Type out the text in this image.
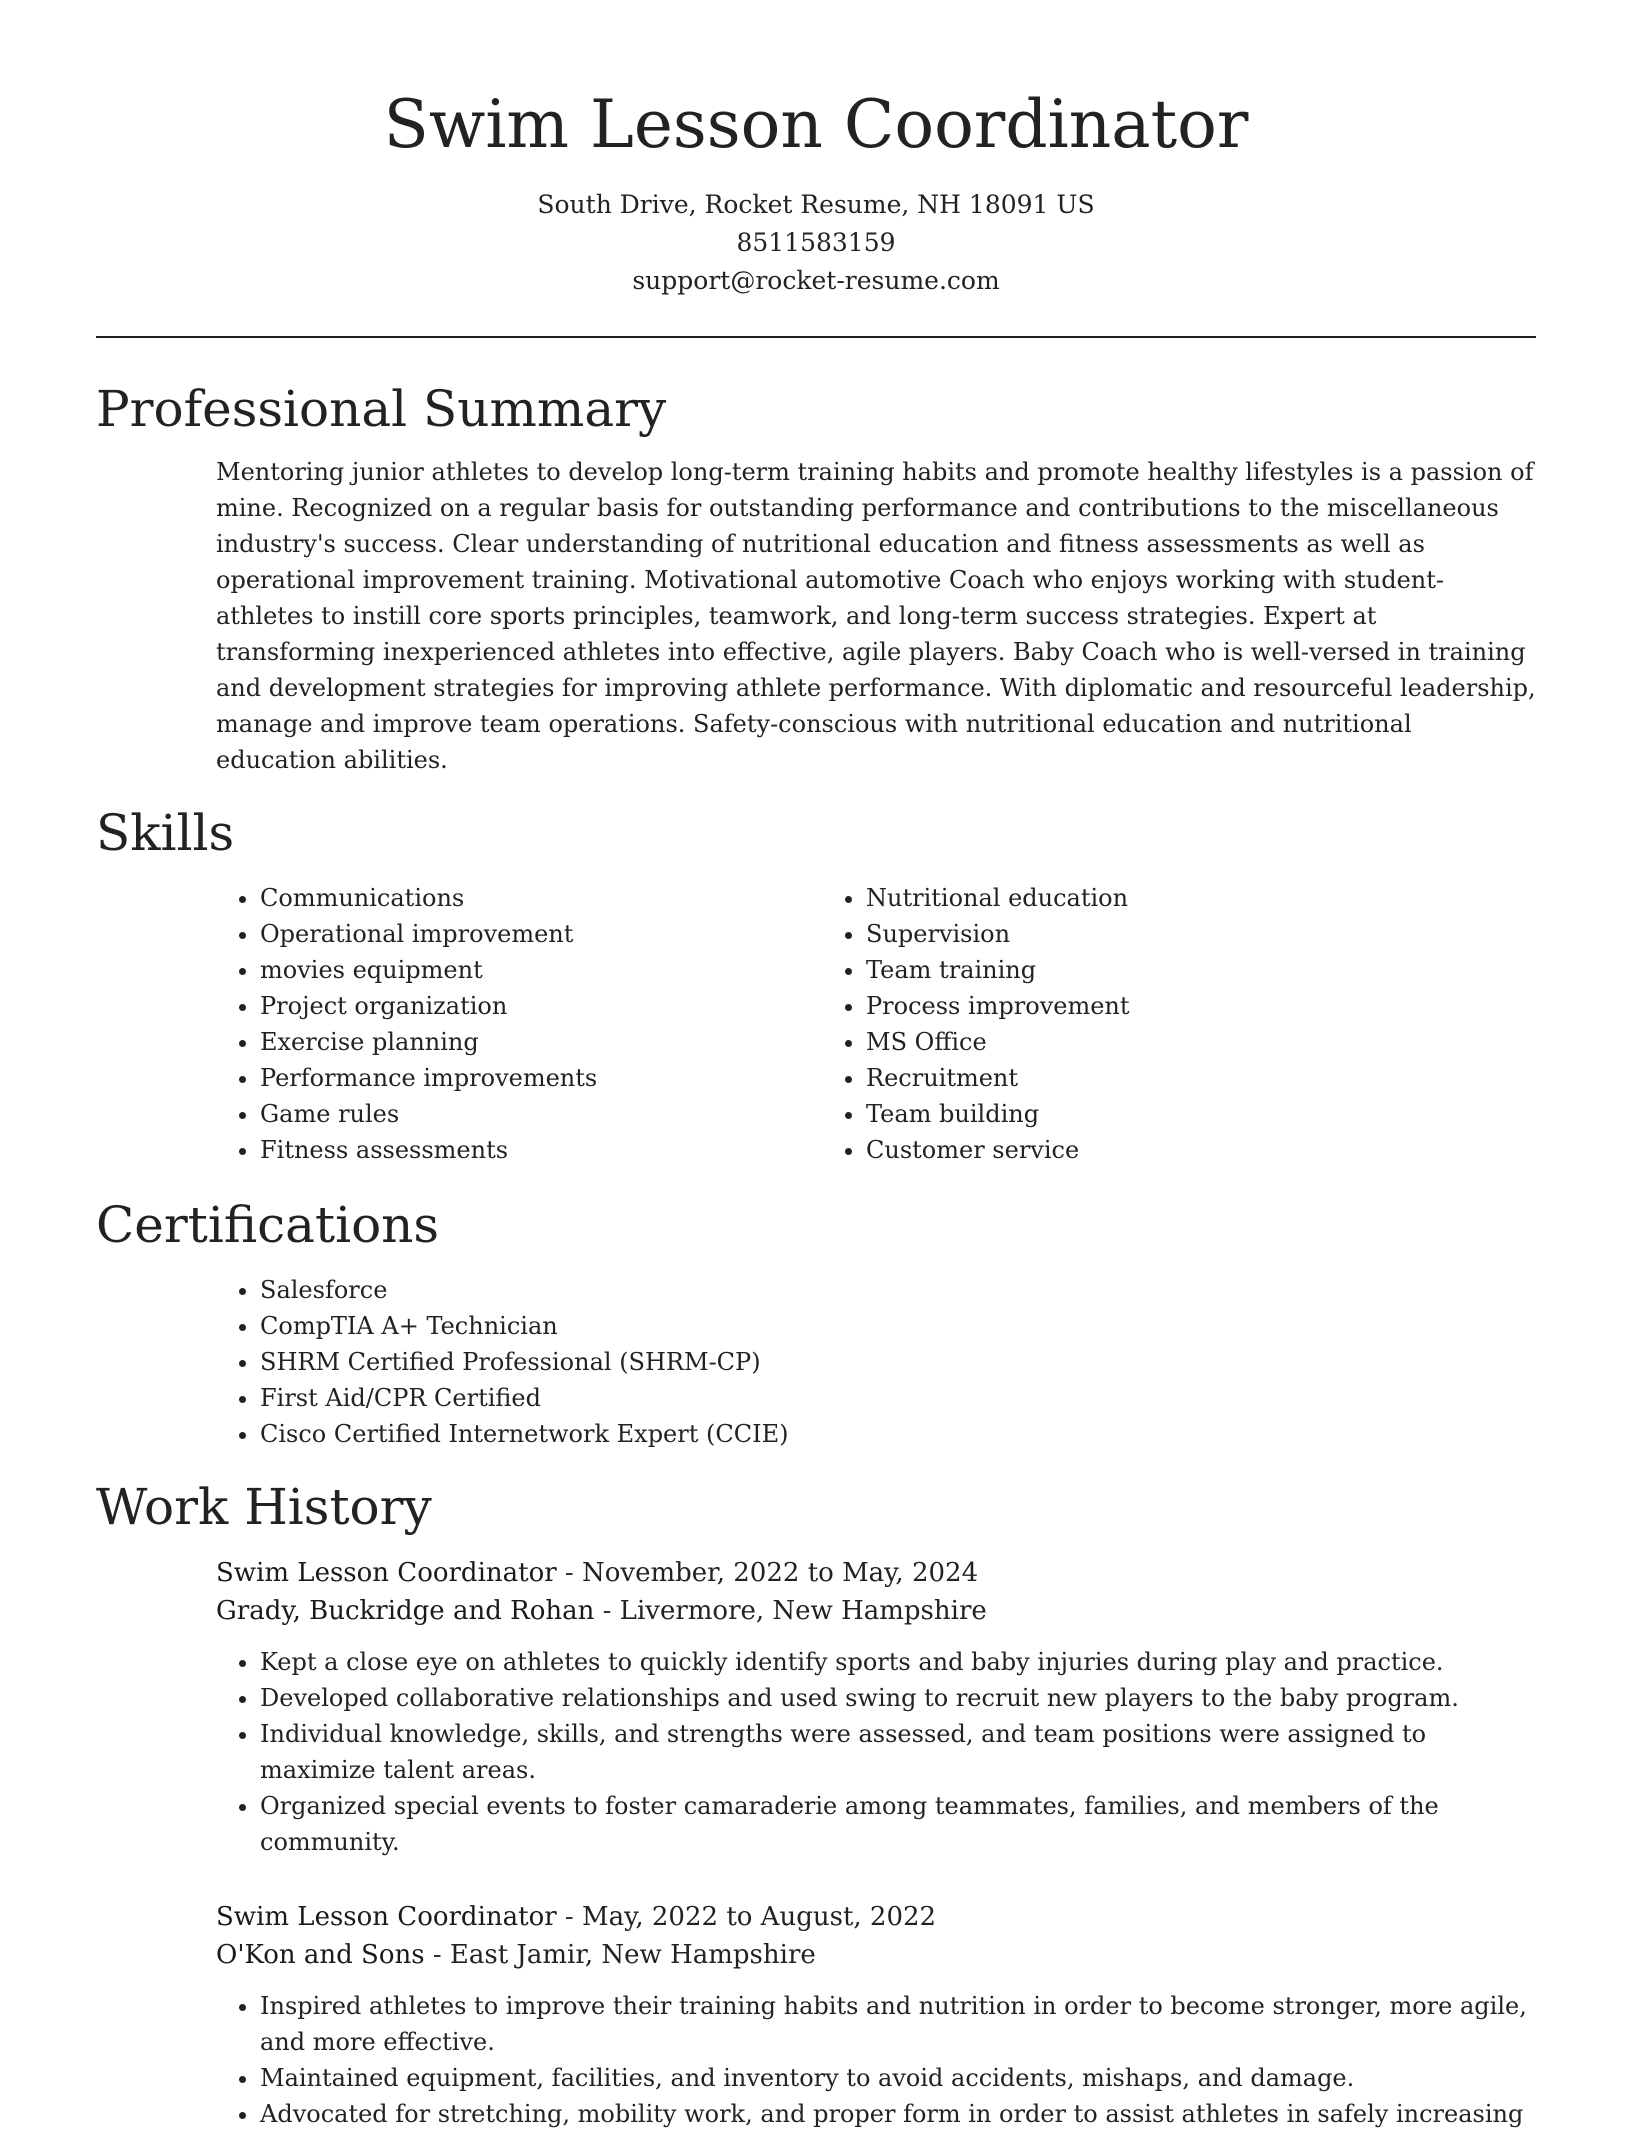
Swim Lesson Coordinator
South Drive, Rocket Resume, NH 18091 US
8511583159
support@rocket-resume.com
Professional Summary

Mentoring junior athletes to develop long-term training habits and promote healthy lifestyles is a passion of mine. Recognized on a regular basis for outstanding performance and contributions to the miscellaneous industry's success. Clear understanding of nutritional education and fitness assessments as well as operational improvement training. Motivational automotive Coach who enjoys working with student-athletes to instill core sports principles, teamwork, and long-term success strategies. Expert at transforming inexperienced athletes into effective, agile players. Baby Coach who is well-versed in training and development strategies for improving athlete performance. With diplomatic and resourceful leadership, manage and improve team operations. Safety-conscious with nutritional education and nutritional education abilities.

Skills
• Communications
• Operational improvement
• movies equipment
• Project organization
• Exercise planning
• Performance improvements
• Game rules
• Fitness assessments
• Nutritional education
• Supervision
• Team training
• Process improvement
• MS Office
• Recruitment
• Team building
• Customer service
Certifications
• Salesforce
• CompTIA A+ Technician
• SHRM Certified Professional (SHRM-CP)
• First Aid/CPR Certified
• Cisco Certified Internetwork Expert (CCIE)
Work History
Swim Lesson Coordinator - November, 2022 to May, 2024
Grady, Buckridge and Rohan - Livermore, New Hampshire
• Kept a close eye on athletes to quickly identify sports and baby injuries during play and practice.
• Developed collaborative relationships and used swing to recruit new players to the baby program.
• Individual knowledge, skills, and strengths were assessed, and team positions were assigned to maximize talent areas.
• Organized special events to foster camaraderie among teammates, families, and members of the community.
Swim Lesson Coordinator - May, 2022 to August, 2022
O'Kon and Sons - East Jamir, New Hampshire
• Inspired athletes to improve their training habits and nutrition in order to become stronger, more agile, and more effective.
• Maintained equipment, facilities, and inventory to avoid accidents, mishaps, and damage.
• Advocated for stretching, mobility work, and proper form in order to assist athletes in safely increasing
